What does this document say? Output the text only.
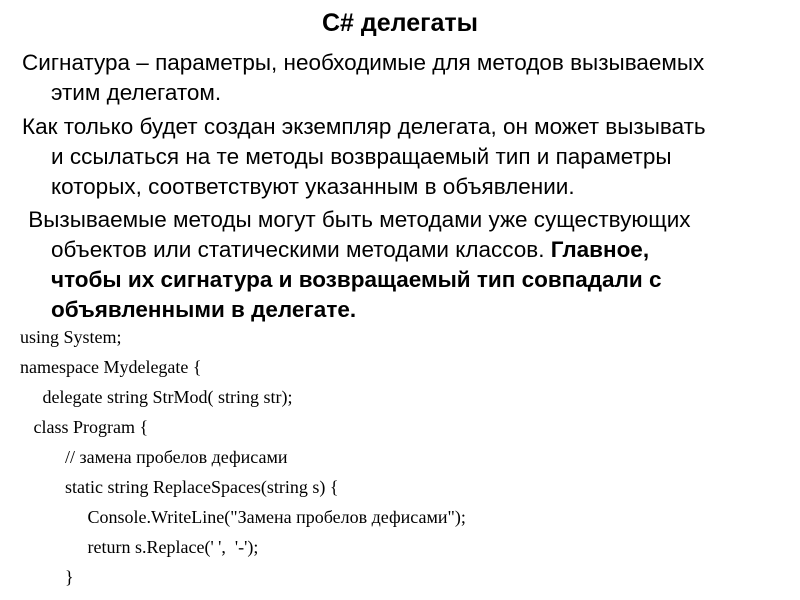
C# делегаты
Сигнатура – параметры, необходимые для методов вызываемых
этим делегатом.
Как только будет создан экземпляр делегата, он может вызывать
и ссылаться на те методы возвращаемый тип и параметры
которых, соответствуют указанным в объявлении.
Вызываемые методы могут быть методами уже существующих
объектов или статическими методами классов. Главное,
чтобы их сигнатура и возвращаемый тип совпадали с
объявленными в делегате.
using System;
namespace Mydelegate {
delegate string StrMod( string str);
class Program {
// замена пробелов дефисами
static string ReplaceSpaces(string s) {
Console.WriteLine("Замена пробелов дефисами");
return s.Replace(' ',  '-');
}
